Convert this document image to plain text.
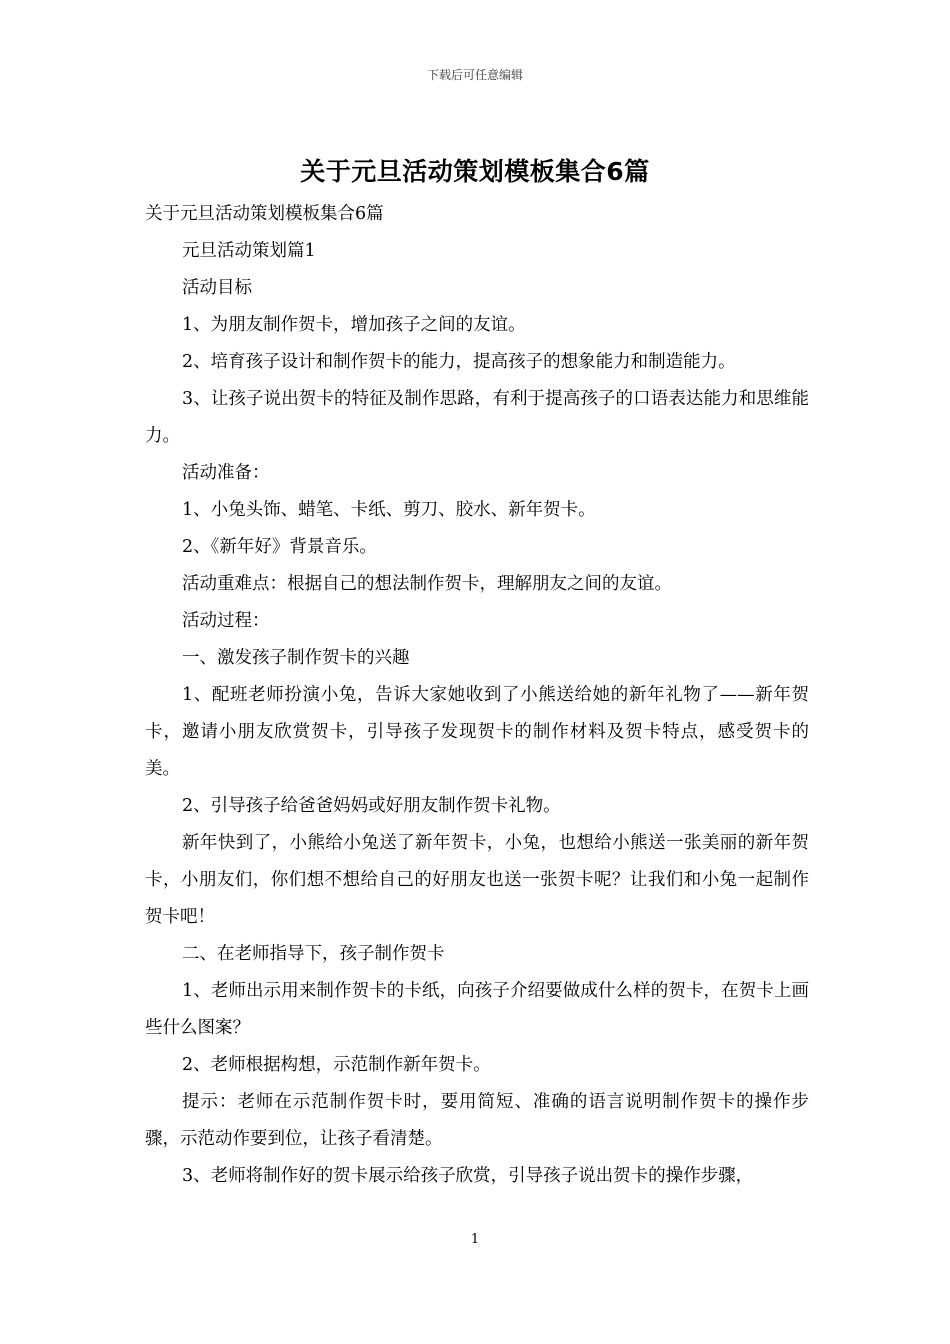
下载后可任意编辑
关于元旦活动策划模板集合6篇

关于元旦活动策划模板集合6篇

元旦活动策划篇1

活动目标

1、为朋友制作贺卡，增加孩子之间的友谊。

2、培育孩子设计和制作贺卡的能力，提高孩子的想象能力和制造能力。

3、让孩子说出贺卡的特征及制作思路，有利于提高孩子的口语表达能力和思维能力。

活动准备：

1、小兔头饰、蜡笔、卡纸、剪刀、胶水、新年贺卡。

2、《新年好》背景音乐。

活动重难点：根据自己的想法制作贺卡，理解朋友之间的友谊。

活动过程：

一、激发孩子制作贺卡的兴趣

1、配班老师扮演小兔，告诉大家她收到了小熊送给她的新年礼物了——新年贺卡，邀请小朋友欣赏贺卡，引导孩子发现贺卡的制作材料及贺卡特点，感受贺卡的美。

2、引导孩子给爸爸妈妈或好朋友制作贺卡礼物。

新年快到了，小熊给小兔送了新年贺卡，小兔，也想给小熊送一张美丽的新年贺卡，小朋友们，你们想不想给自己的好朋友也送一张贺卡呢？让我们和小兔一起制作贺卡吧！

二、在老师指导下，孩子制作贺卡

1、老师出示用来制作贺卡的卡纸，向孩子介绍要做成什么样的贺卡，在贺卡上画些什么图案？

2、老师根据构想，示范制作新年贺卡。

提示：老师在示范制作贺卡时，要用简短、准确的语言说明制作贺卡的操作步骤，示范动作要到位，让孩子看清楚。

3、老师将制作好的贺卡展示给孩子欣赏，引导孩子说出贺卡的操作步骤，

1
